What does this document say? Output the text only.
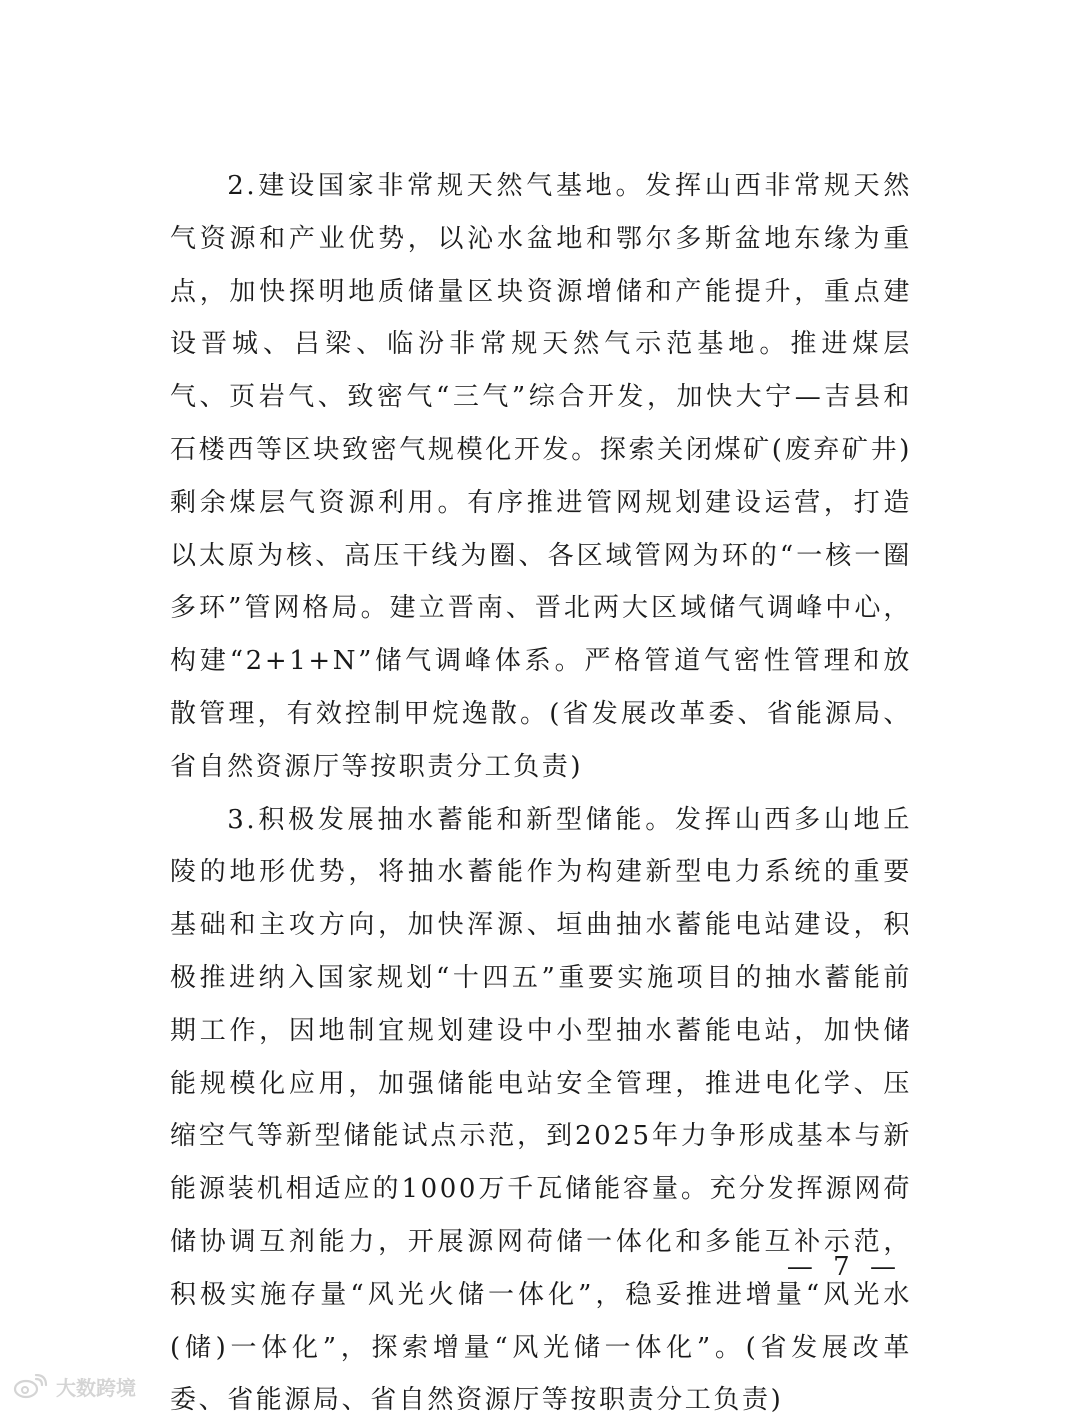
2.建设国家非常规天然气基地。发挥山西非常规天然气资源和产业优势，以沁水盆地和鄂尔多斯盆地东缘为重点，加快探明地质储量区块资源增储和产能提升，重点建设晋城、吕梁、临汾非常规天然气示范基地。推进煤层气、页岩气、致密气“三气”综合开发，加快大宁—吉县和石楼西等区块致密气规模化开发。探索关闭煤矿(废弃矿井)剩余煤层气资源利用。有序推进管网规划建设运营，打造以太原为核、高压干线为圈、各区域管网为环的“一核一圈多环”管网格局。建立晋南、晋北两大区域储气调峰中心，构建“2+1+N”储气调峰体系。严格管道气密性管理和放散管理，有效控制甲烷逸散。(省发展改革委、省能源局、省自然资源厅等按职责分工负责)

3.积极发展抽水蓄能和新型储能。发挥山西多山地丘陵的地形优势，将抽水蓄能作为构建新型电力系统的重要基础和主攻方向，加快浑源、垣曲抽水蓄能电站建设，积极推进纳入国家规划“十四五”重要实施项目的抽水蓄能前期工作，因地制宜规划建设中小型抽水蓄能电站，加快储能规模化应用，加强储能电站安全管理，推进电化学、压缩空气等新型储能试点示范，到2025年力争形成基本与新能源装机相适应的1000万千瓦储能容量。充分发挥源网荷储协调互剂能力，开展源网荷储一体化和多能互补示范，积极实施存量“风光火储一体化”，稳妥推进增量“风光水(储)一体化”，探索增量“风光储一体化”。(省发展改革委、省能源局、省自然资源厅等按职责分工负责)

— 7 —
大数跨境
